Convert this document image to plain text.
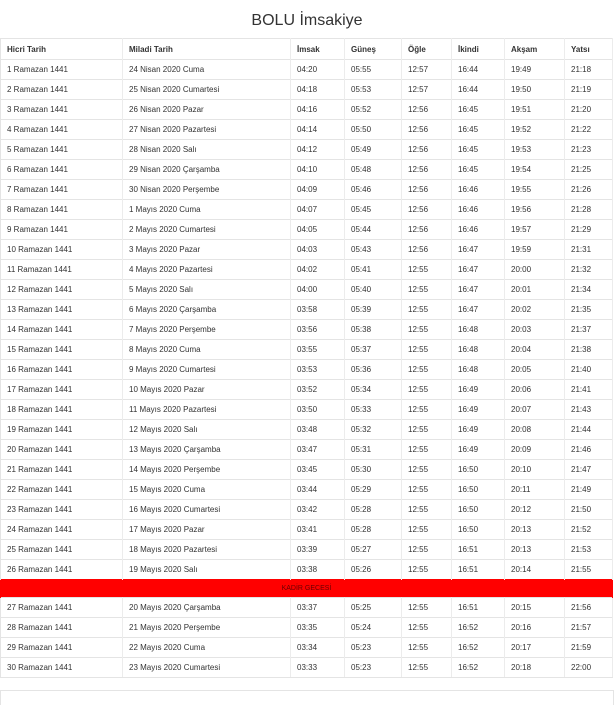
BOLU İmsakiye
Hicri Tarih	Miladi Tarih	İmsak	Güneş	Öğle	İkindi	Akşam	Yatsı
1 Ramazan 1441	24 Nisan 2020 Cuma	04:20	05:55	12:57	16:44	19:49	21:18
2 Ramazan 1441	25 Nisan 2020 Cumartesi	04:18	05:53	12:57	16:44	19:50	21:19
3 Ramazan 1441	26 Nisan 2020 Pazar	04:16	05:52	12:56	16:45	19:51	21:20
4 Ramazan 1441	27 Nisan 2020 Pazartesi	04:14	05:50	12:56	16:45	19:52	21:22
5 Ramazan 1441	28 Nisan 2020 Salı	04:12	05:49	12:56	16:45	19:53	21:23
6 Ramazan 1441	29 Nisan 2020 Çarşamba	04:10	05:48	12:56	16:45	19:54	21:25
7 Ramazan 1441	30 Nisan 2020 Perşembe	04:09	05:46	12:56	16:46	19:55	21:26
8 Ramazan 1441	1 Mayıs 2020 Cuma	04:07	05:45	12:56	16:46	19:56	21:28
9 Ramazan 1441	2 Mayıs 2020 Cumartesi	04:05	05:44	12:56	16:46	19:57	21:29
10 Ramazan 1441	3 Mayıs 2020 Pazar	04:03	05:43	12:56	16:47	19:59	21:31
11 Ramazan 1441	4 Mayıs 2020 Pazartesi	04:02	05:41	12:55	16:47	20:00	21:32
12 Ramazan 1441	5 Mayıs 2020 Salı	04:00	05:40	12:55	16:47	20:01	21:34
13 Ramazan 1441	6 Mayıs 2020 Çarşamba	03:58	05:39	12:55	16:47	20:02	21:35
14 Ramazan 1441	7 Mayıs 2020 Perşembe	03:56	05:38	12:55	16:48	20:03	21:37
15 Ramazan 1441	8 Mayıs 2020 Cuma	03:55	05:37	12:55	16:48	20:04	21:38
16 Ramazan 1441	9 Mayıs 2020 Cumartesi	03:53	05:36	12:55	16:48	20:05	21:40
17 Ramazan 1441	10 Mayıs 2020 Pazar	03:52	05:34	12:55	16:49	20:06	21:41
18 Ramazan 1441	11 Mayıs 2020 Pazartesi	03:50	05:33	12:55	16:49	20:07	21:43
19 Ramazan 1441	12 Mayıs 2020 Salı	03:48	05:32	12:55	16:49	20:08	21:44
20 Ramazan 1441	13 Mayıs 2020 Çarşamba	03:47	05:31	12:55	16:49	20:09	21:46
21 Ramazan 1441	14 Mayıs 2020 Perşembe	03:45	05:30	12:55	16:50	20:10	21:47
22 Ramazan 1441	15 Mayıs 2020 Cuma	03:44	05:29	12:55	16:50	20:11	21:49
23 Ramazan 1441	16 Mayıs 2020 Cumartesi	03:42	05:28	12:55	16:50	20:12	21:50
24 Ramazan 1441	17 Mayıs 2020 Pazar	03:41	05:28	12:55	16:50	20:13	21:52
25 Ramazan 1441	18 Mayıs 2020 Pazartesi	03:39	05:27	12:55	16:51	20:13	21:53
26 Ramazan 1441	19 Mayıs 2020 Salı	03:38	05:26	12:55	16:51	20:14	21:55
KADİR GECESİ							
27 Ramazan 1441	20 Mayıs 2020 Çarşamba	03:37	05:25	12:55	16:51	20:15	21:56
28 Ramazan 1441	21 Mayıs 2020 Perşembe	03:35	05:24	12:55	16:52	20:16	21:57
29 Ramazan 1441	22 Mayıs 2020 Cuma	03:34	05:23	12:55	16:52	20:17	21:59
30 Ramazan 1441	23 Mayıs 2020 Cumartesi	03:33	05:23	12:55	16:52	20:18	22:00
